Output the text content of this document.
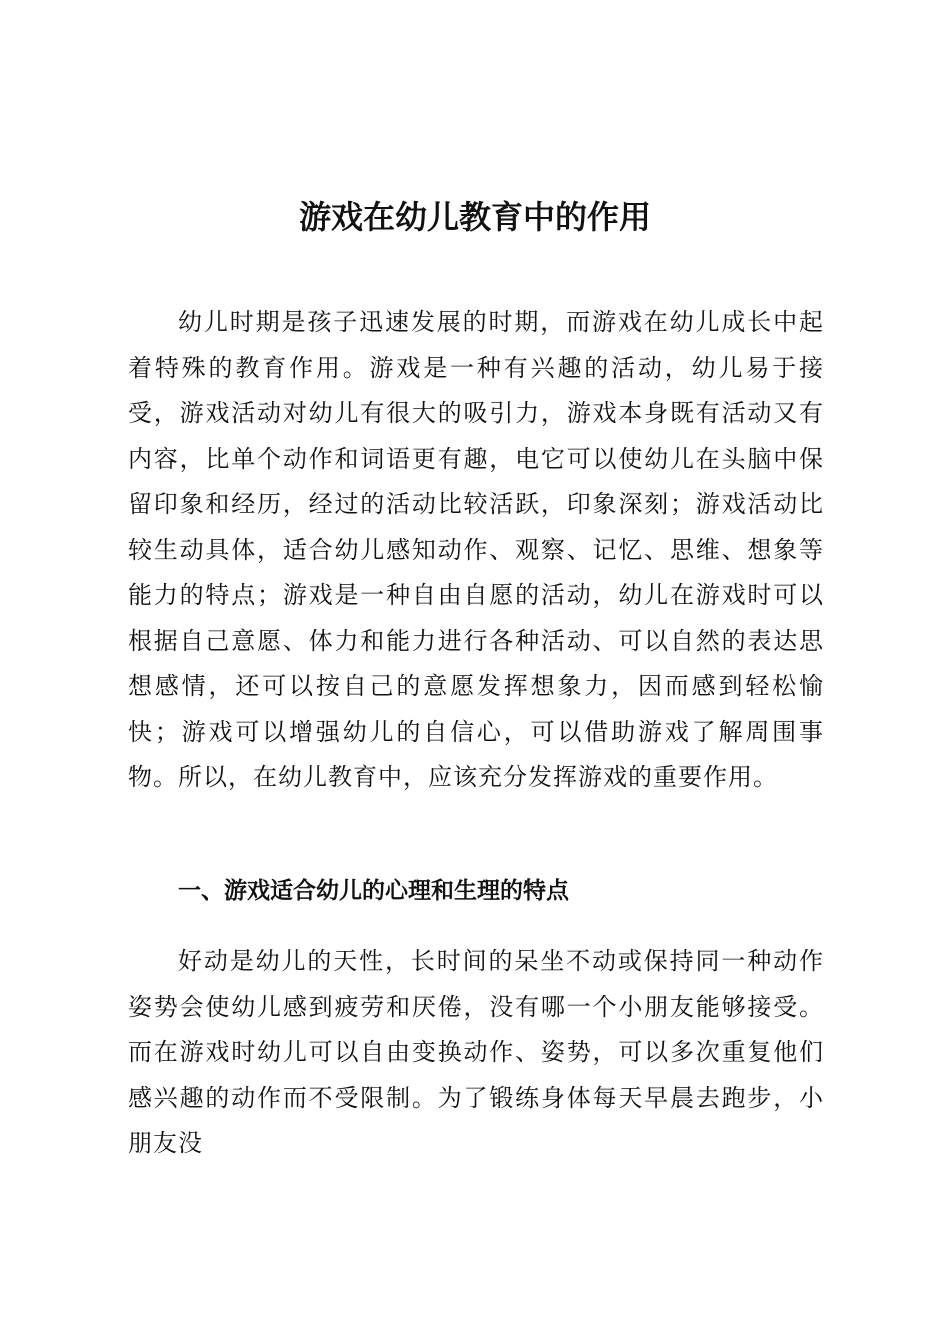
游戏在幼儿教育中的作用

幼儿时期是孩子迅速发展的时期，而游戏在幼儿成长中起着特殊的教育作用。游戏是一种有兴趣的活动，幼儿易于接受，游戏活动对幼儿有很大的吸引力，游戏本身既有活动又有内容，比单个动作和词语更有趣，电它可以使幼儿在头脑中保留印象和经历，经过的活动比较活跃，印象深刻；游戏活动比较生动具体，适合幼儿感知动作、观察、记忆、思维、想象等能力的特点；游戏是一种自由自愿的活动，幼儿在游戏时可以根据自己意愿、体力和能力进行各种活动、可以自然的表达思想感情，还可以按自己的意愿发挥想象力，因而感到轻松愉快；游戏可以增强幼儿的自信心，可以借助游戏了解周围事物。所以，在幼儿教育中，应该充分发挥游戏的重要作用。

一、游戏适合幼儿的心理和生理的特点

好动是幼儿的天性，长时间的呆坐不动或保持同一种动作姿势会使幼儿感到疲劳和厌倦，没有哪一个小朋友能够接受。而在游戏时幼儿可以自由变换动作、姿势，可以多次重复他们感兴趣的动作而不受限制。为了锻练身体每天早晨去跑步，小朋友没
